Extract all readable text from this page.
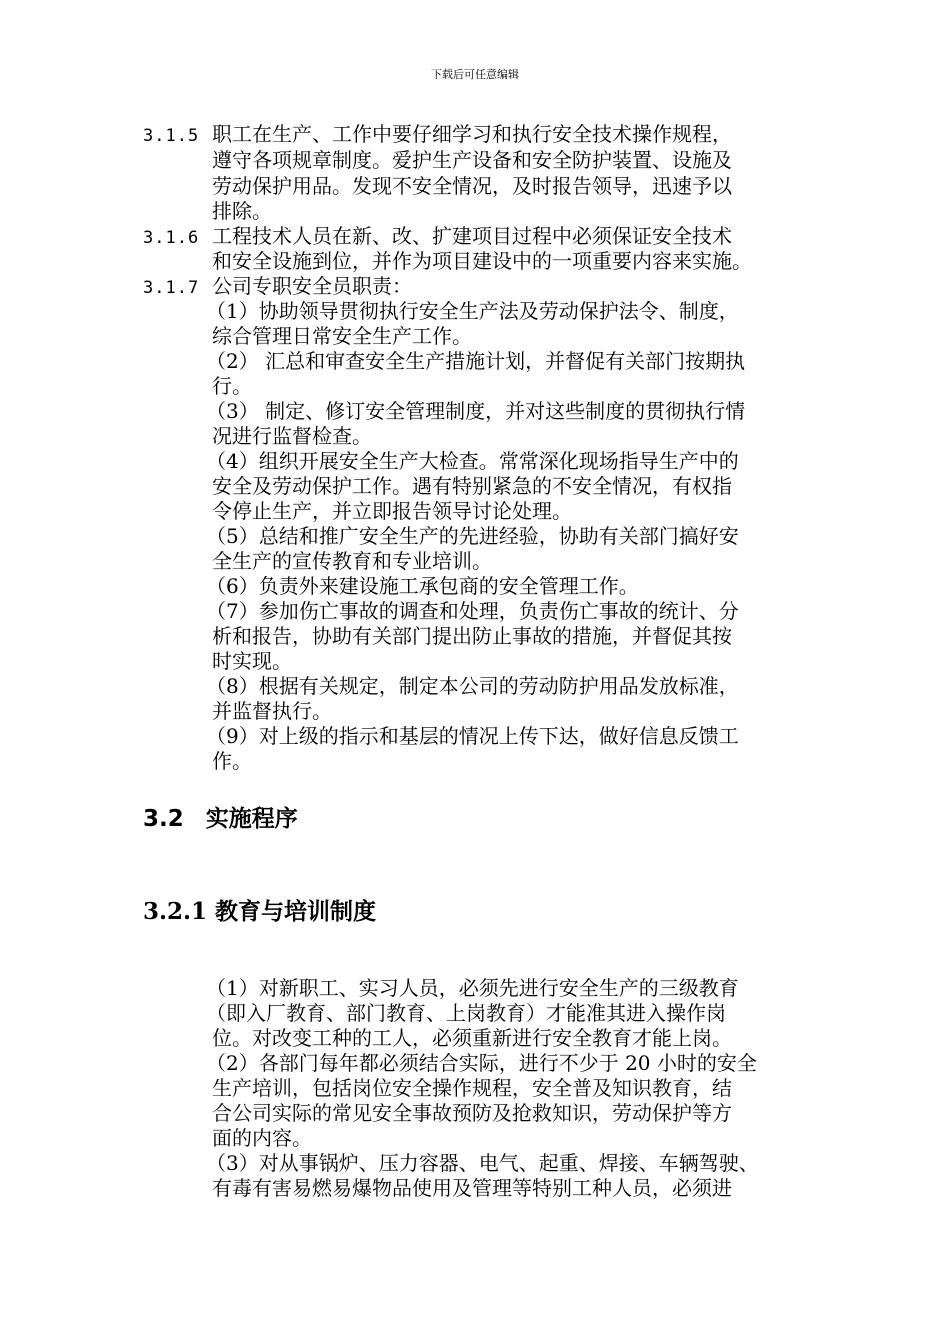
下载后可任意编辑
3.1.5 职工在生产、工作中要仔细学习和执行安全技术操作规程，
遵守各项规章制度。爱护生产设备和安全防护装置、设施及
劳动保护用品。发现不安全情况，及时报告领导，迅速予以
排除。
3.1.6 工程技术人员在新、改、扩建项目过程中必须保证安全技术
和安全设施到位，并作为项目建设中的一项重要内容来实施。
3.1.7 公司专职安全员职责：
（1）协助领导贯彻执行安全生产法及劳动保护法令、制度，
综合管理日常安全生产工作。
（2） 汇总和审查安全生产措施计划，并督促有关部门按期执
行。
（3） 制定、修订安全管理制度，并对这些制度的贯彻执行情
况进行监督检查。
（4）组织开展安全生产大检查。常常深化现场指导生产中的
安全及劳动保护工作。遇有特别紧急的不安全情况，有权指
令停止生产，并立即报告领导讨论处理。
（5）总结和推广安全生产的先进经验，协助有关部门搞好安
全生产的宣传教育和专业培训。
（6）负责外来建设施工承包商的安全管理工作。
（7）参加伤亡事故的调查和处理，负责伤亡事故的统计、分
析和报告，协助有关部门提出防止事故的措施，并督促其按
时实现。
（8）根据有关规定，制定本公司的劳动防护用品发放标准，
并监督执行。
（9）对上级的指示和基层的情况上传下达，做好信息反馈工
作。
3.2 实施程序
3.2.1 教育与培训制度
（1）对新职工、实习人员，必须先进行安全生产的三级教育
（即入厂教育、部门教育、上岗教育）才能准其进入操作岗
位。对改变工种的工人，必须重新进行安全教育才能上岗。
（2）各部门每年都必须结合实际，进行不少于 20 小时的安全
生产培训，包括岗位安全操作规程，安全普及知识教育，结
合公司实际的常见安全事故预防及抢救知识，劳动保护等方
面的内容。
（3）对从事锅炉、压力容器、电气、起重、焊接、车辆驾驶、
有毒有害易燃易爆物品使用及管理等特别工种人员，必须进
